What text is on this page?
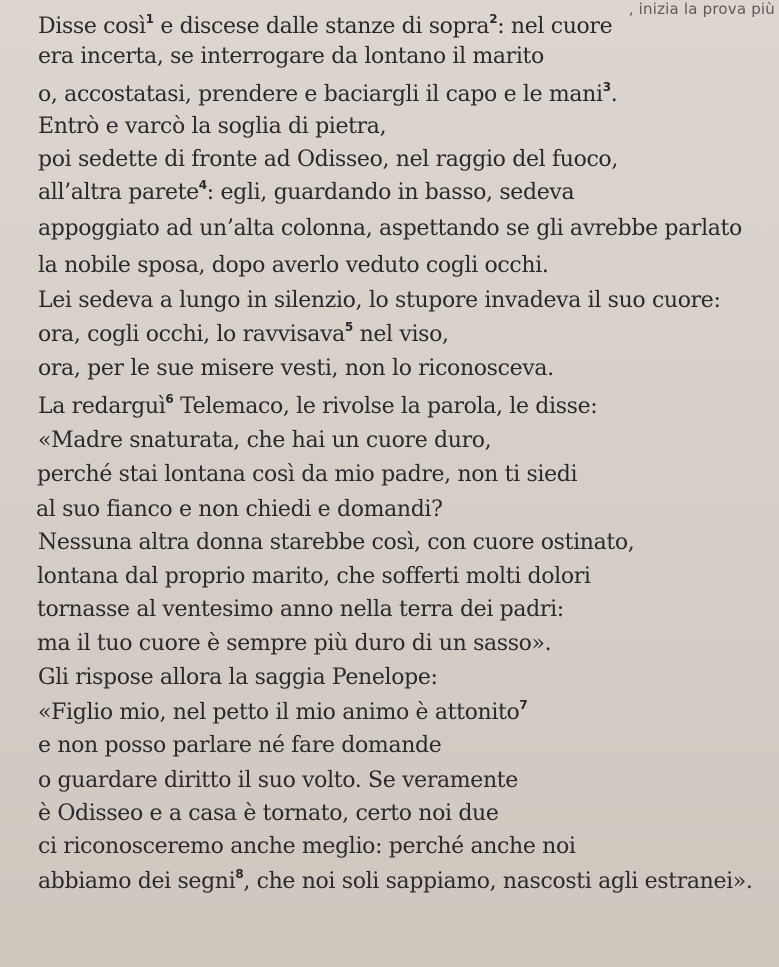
, inizia la prova più
Disse così$^1$ e discese dalle stanze di sopra$^2$: nel cuore
era incerta, se interrogare da lontano il marito
o, accostatasi, prendere e baciargli il capo e le mani$^3$.
Entrò e varcò la soglia di pietra,
poi sedette di fronte ad Odisseo, nel raggio del fuoco,
all’altra parete$^4$: egli, guardando in basso, sedeva
appoggiato ad un’alta colonna, aspettando se gli avrebbe parlato
la nobile sposa, dopo averlo veduto cogli occhi.
Lei sedeva a lungo in silenzio, lo stupore invadeva il suo cuore:
ora, cogli occhi, lo ravvisava$^5$ nel viso,
ora, per le sue misere vesti, non lo riconosceva.
La redarguì$^6$ Telemaco, le rivolse la parola, le disse:
«Madre snaturata, che hai un cuore duro,
perché stai lontana così da mio padre, non ti siedi
al suo fianco e non chiedi e domandi?
Nessuna altra donna starebbe così, con cuore ostinato,
lontana dal proprio marito, che sofferti molti dolori
tornasse al ventesimo anno nella terra dei padri:
ma il tuo cuore è sempre più duro di un sasso».
Gli rispose allora la saggia Penelope:
«Figlio mio, nel petto il mio animo è attonito$^7$
e non posso parlare né fare domande
o guardare diritto il suo volto. Se veramente
è Odisseo e a casa è tornato, certo noi due
ci riconosceremo anche meglio: perché anche noi
abbiamo dei segni$^8$, che noi soli sappiamo, nascosti agli estranei».
